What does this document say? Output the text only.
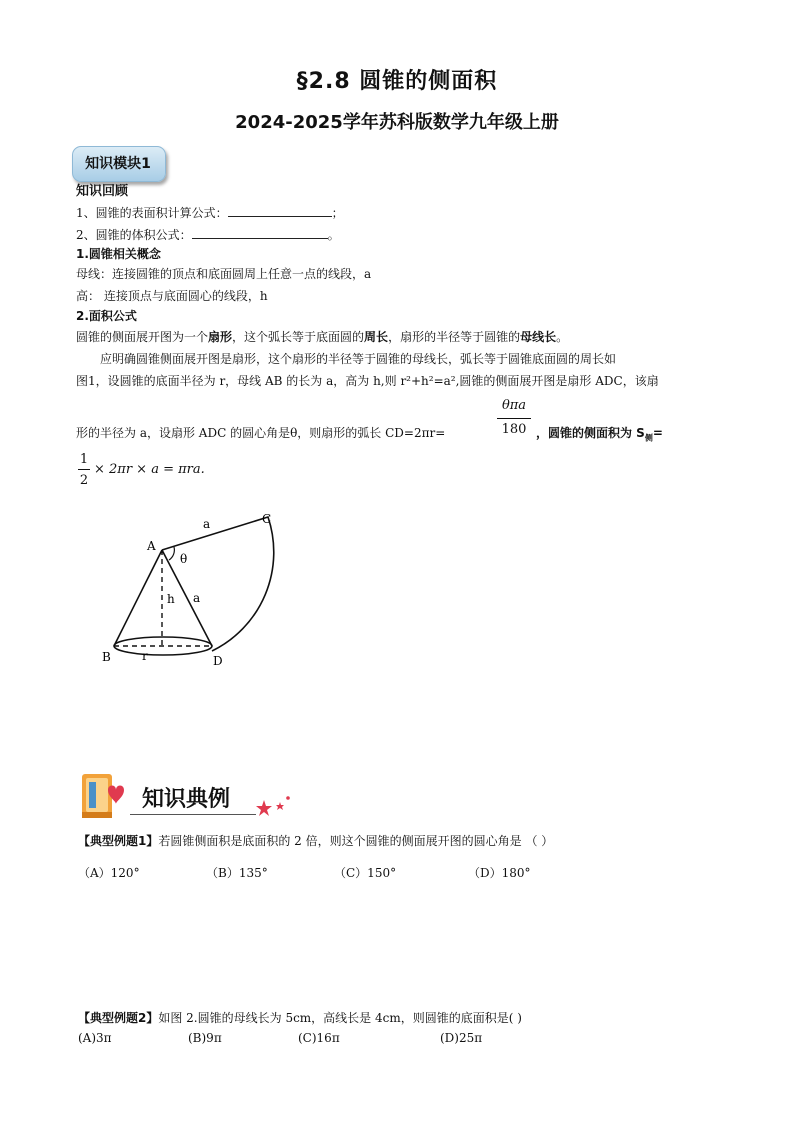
§2.8 圆锥的侧面积
2024-2025学年苏科版数学九年级上册
知识模块1
知识回顾
1、圆锥的表面积计算公式：	；
2、圆锥的体积公式：	。
1.圆锥相关概念
母线：连接圆锥的顶点和底面圆周上任意一点的线段，a
高： 连接顶点与底面圆心的线段，h
2.面积公式
圆锥的侧面展开图为一个扇形，这个弧长等于底面圆的周长，扇形的半径等于圆锥的母线长。
应明确圆锥侧面展开图是扇形，这个扇形的半径等于圆锥的母线长，弧长等于圆锥底面圆的周长如
图1，设圆锥的底面半径为 r，母线 AB 的长为 a，高为 h,则 r²+h²=a²,圆锥的侧面展开图是扇形 ADC，该扇
θπa
180
形的半径为 a，设扇形 ADC 的圆心角是θ，则扇形的弧长 CD=2πr=	，圆锥的侧面积为 $S_侧=$
1
2
× 2πr × a = πra.
A
C
B	D
a
a
h
r
θ
知识典例
【典型例题1】若圆锥侧面积是底面积的 2 倍，则这个圆锥的侧面展开图的圆心角是 （ ）
（A）120°	（B）135°	（C）150°	（D）180°
【典型例题2】如图 2.圆锥的母线长为 5cm，高线长是 4cm，则圆锥的底面积是( )
(A)3π	(B)9π	(C)16π	(D)25π
